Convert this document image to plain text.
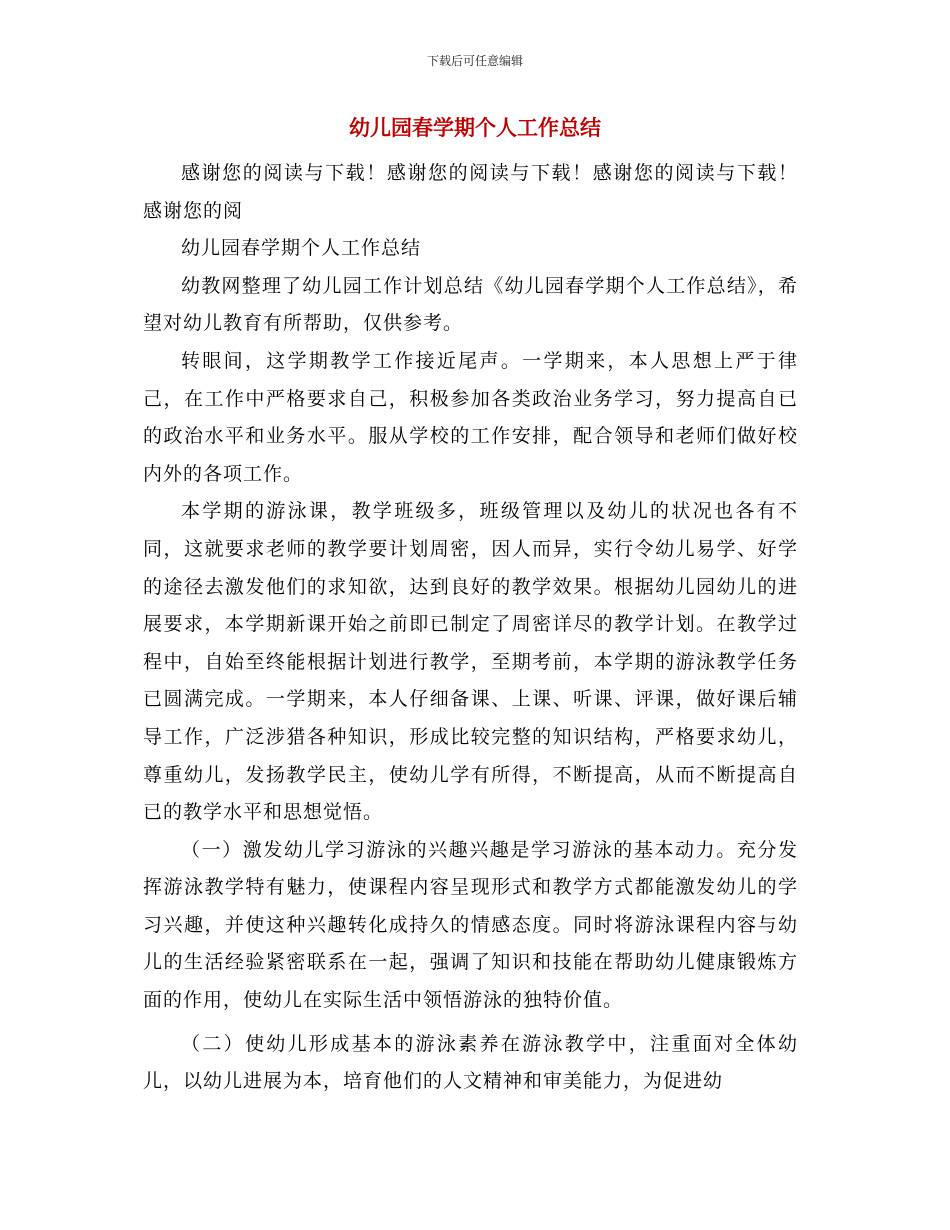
下载后可任意编辑
幼儿园春学期个人工作总结

感谢您的阅读与下载！感谢您的阅读与下载！感谢您的阅读与下载！感谢您的阅

幼儿园春学期个人工作总结

幼教网整理了幼儿园工作计划总结《幼儿园春学期个人工作总结》，希望对幼儿教育有所帮助，仅供参考。

转眼间，这学期教学工作接近尾声。一学期来，本人思想上严于律己，在工作中严格要求自己，积极参加各类政治业务学习，努力提高自已的政治水平和业务水平。服从学校的工作安排，配合领导和老师们做好校内外的各项工作。

本学期的游泳课，教学班级多，班级管理以及幼儿的状况也各有不同，这就要求老师的教学要计划周密，因人而异，实行令幼儿易学、好学的途径去激发他们的求知欲，达到良好的教学效果。根据幼儿园幼儿的进展要求，本学期新课开始之前即已制定了周密详尽的教学计划。在教学过程中，自始至终能根据计划进行教学，至期考前，本学期的游泳教学任务已圆满完成。一学期来，本人仔细备课、上课、听课、评课，做好课后辅导工作，广泛涉猎各种知识，形成比较完整的知识结构，严格要求幼儿，尊重幼儿，发扬教学民主，使幼儿学有所得，不断提高，从而不断提高自已的教学水平和思想觉悟。

（一）激发幼儿学习游泳的兴趣兴趣是学习游泳的基本动力。充分发挥游泳教学特有魅力，使课程内容呈现形式和教学方式都能激发幼儿的学习兴趣，并使这种兴趣转化成持久的情感态度。同时将游泳课程内容与幼儿的生活经验紧密联系在一起，强调了知识和技能在帮助幼儿健康锻炼方面的作用，使幼儿在实际生活中领悟游泳的独特价值。

（二）使幼儿形成基本的游泳素养在游泳教学中，注重面对全体幼儿，以幼儿进展为本，培育他们的人文精神和审美能力，为促进幼
